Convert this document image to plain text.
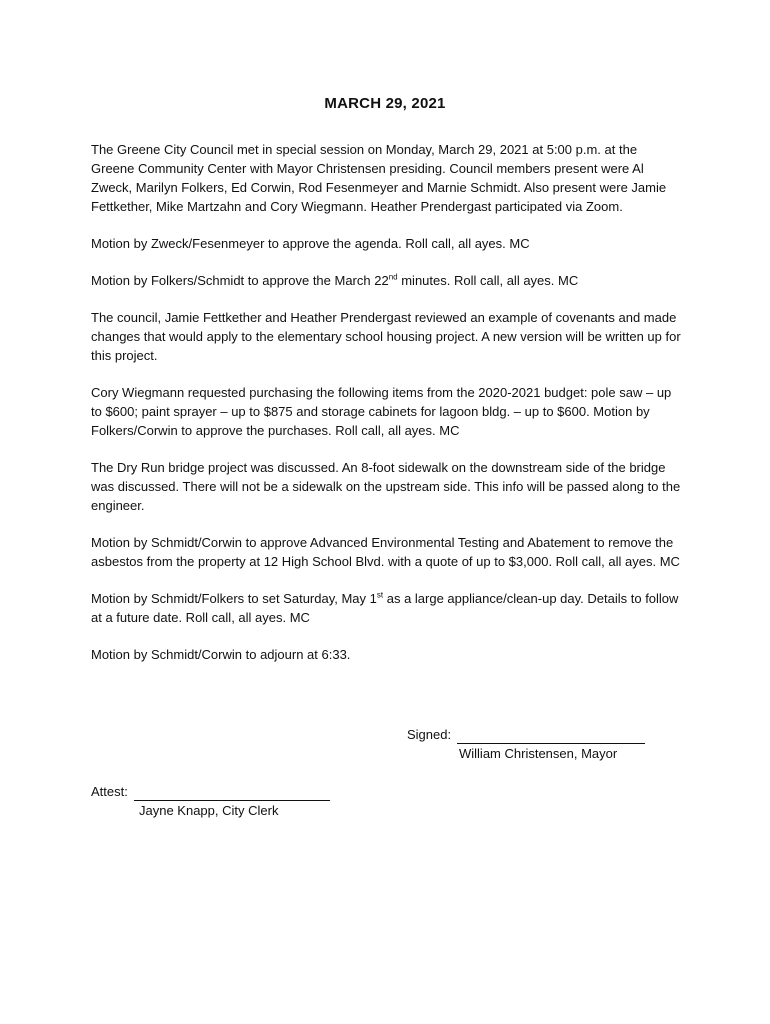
MARCH 29, 2021

The Greene City Council met in special session on Monday, March 29, 2021 at 5:00 p.m. at the Greene Community Center with Mayor Christensen presiding. Council members present were Al Zweck, Marilyn Folkers, Ed Corwin, Rod Fesenmeyer and Marnie Schmidt. Also present were Jamie Fettkether, Mike Martzahn and Cory Wiegmann. Heather Prendergast participated via Zoom.

Motion by Zweck/Fesenmeyer to approve the agenda. Roll call, all ayes. MC

Motion by Folkers/Schmidt to approve the March 22nd minutes. Roll call, all ayes. MC

The council, Jamie Fettkether and Heather Prendergast reviewed an example of covenants and made changes that would apply to the elementary school housing project. A new version will be written up for this project.

Cory Wiegmann requested purchasing the following items from the 2020-2021 budget: pole saw – up to $600; paint sprayer – up to $875 and storage cabinets for lagoon bldg. – up to $600. Motion by Folkers/Corwin to approve the purchases. Roll call, all ayes. MC

The Dry Run bridge project was discussed. An 8-foot sidewalk on the downstream side of the bridge was discussed. There will not be a sidewalk on the upstream side. This info will be passed along to the engineer.

Motion by Schmidt/Corwin to approve Advanced Environmental Testing and Abatement to remove the asbestos from the property at 12 High School Blvd. with a quote of up to $3,000. Roll call, all ayes. MC

Motion by Schmidt/Folkers to set Saturday, May 1st as a large appliance/clean-up day. Details to follow at a future date. Roll call, all ayes. MC

Motion by Schmidt/Corwin to adjourn at 6:33.

Signed:
William Christensen, Mayor
Attest:
Jayne Knapp, City Clerk
